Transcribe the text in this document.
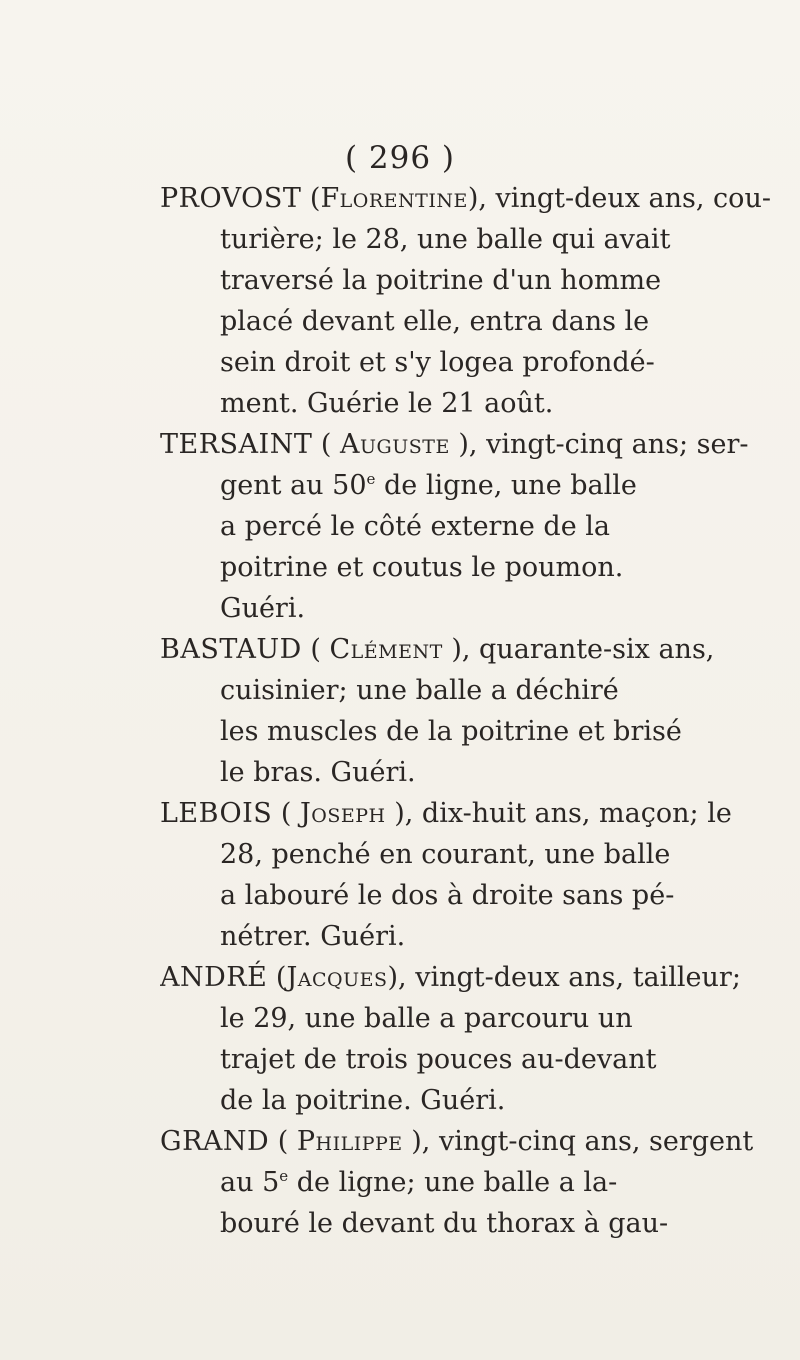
( 296 )
PROVOST (Florentine), vingt-deux ans, cou-
turière; le 28, une balle qui avait
traversé la poitrine d'un homme
placé devant elle, entra dans le
sein droit et s'y logea profondé-
ment. Guérie le 21 août.
TERSAINT ( Auguste ), vingt-cinq ans; ser-
gent au 50e de ligne, une balle
a percé le côté externe de la
poitrine et coutus le poumon.
Guéri.
BASTAUD ( Clément ), quarante-six ans,
cuisinier; une balle a déchiré
les muscles de la poitrine et brisé
le bras. Guéri.
LEBOIS ( Joseph ), dix-huit ans, maçon; le
28, penché en courant, une balle
a labouré le dos à droite sans pé-
nétrer. Guéri.
ANDRÉ (Jacques), vingt-deux ans, tailleur;
le 29, une balle a parcouru un
trajet de trois pouces au-devant
de la poitrine. Guéri.
GRAND ( Philippe ), vingt-cinq ans, sergent
au 5e de ligne; une balle a la-
bouré le devant du thorax à gau-
